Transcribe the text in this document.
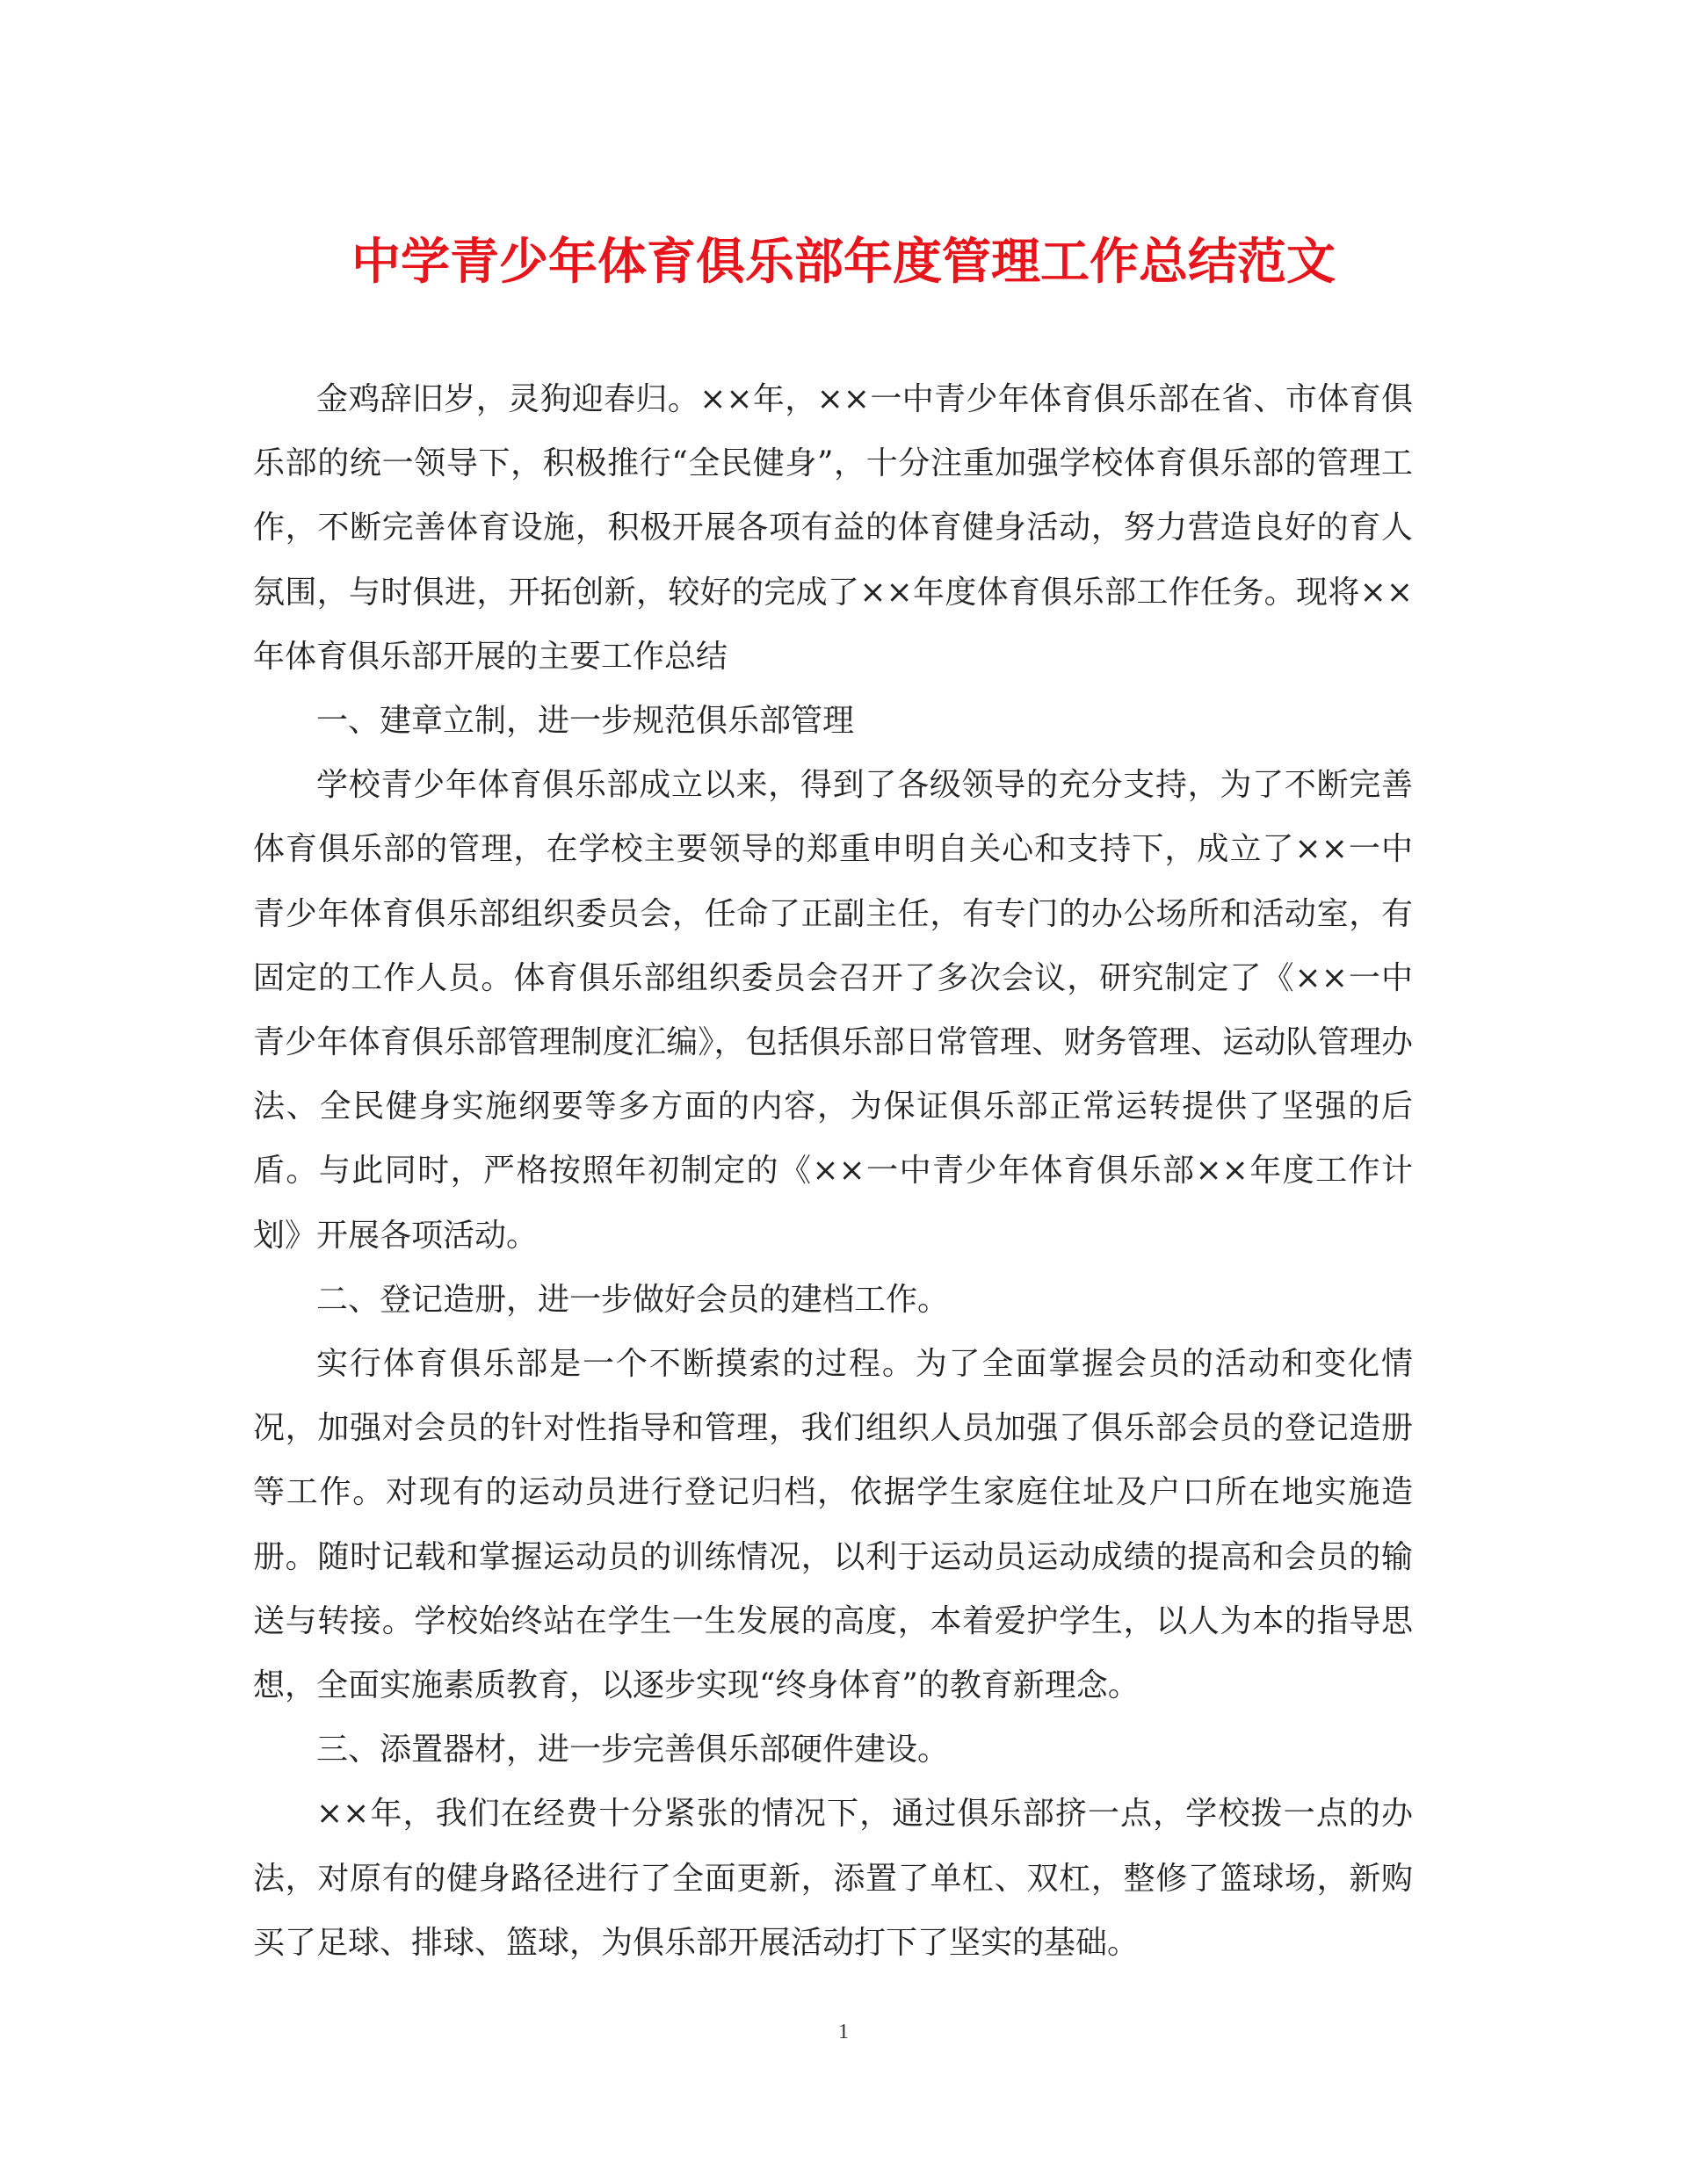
中学青少年体育俱乐部年度管理工作总结范文

金鸡辞旧岁，灵狗迎春归。××年，××一中青少年体育俱乐部在省、市体育俱乐部的统一领导下，积极推行“全民健身”，十分注重加强学校体育俱乐部的管理工作，不断完善体育设施，积极开展各项有益的体育健身活动，努力营造良好的育人氛围，与时俱进，开拓创新，较好的完成了××年度体育俱乐部工作任务。现将××年体育俱乐部开展的主要工作总结

一、建章立制，进一步规范俱乐部管理

学校青少年体育俱乐部成立以来，得到了各级领导的充分支持，为了不断完善体育俱乐部的管理，在学校主要领导的郑重申明自关心和支持下，成立了××一中青少年体育俱乐部组织委员会，任命了正副主任，有专门的办公场所和活动室，有固定的工作人员。体育俱乐部组织委员会召开了多次会议，研究制定了《××一中青少年体育俱乐部管理制度汇编》，包括俱乐部日常管理、财务管理、运动队管理办法、全民健身实施纲要等多方面的内容，为保证俱乐部正常运转提供了坚强的后盾。与此同时，严格按照年初制定的《××一中青少年体育俱乐部××年度工作计划》开展各项活动。

二、登记造册，进一步做好会员的建档工作。

实行体育俱乐部是一个不断摸索的过程。为了全面掌握会员的活动和变化情况，加强对会员的针对性指导和管理，我们组织人员加强了俱乐部会员的登记造册等工作。对现有的运动员进行登记归档，依据学生家庭住址及户口所在地实施造册。随时记载和掌握运动员的训练情况，以利于运动员运动成绩的提高和会员的输送与转接。学校始终站在学生一生发展的高度，本着爱护学生，以人为本的指导思想，全面实施素质教育，以逐步实现“终身体育”的教育新理念。

三、添置器材，进一步完善俱乐部硬件建设。

××年，我们在经费十分紧张的情况下，通过俱乐部挤一点，学校拨一点的办法，对原有的健身路径进行了全面更新，添置了单杠、双杠，整修了篮球场，新购买了足球、排球、篮球，为俱乐部开展活动打下了坚实的基础。

1
